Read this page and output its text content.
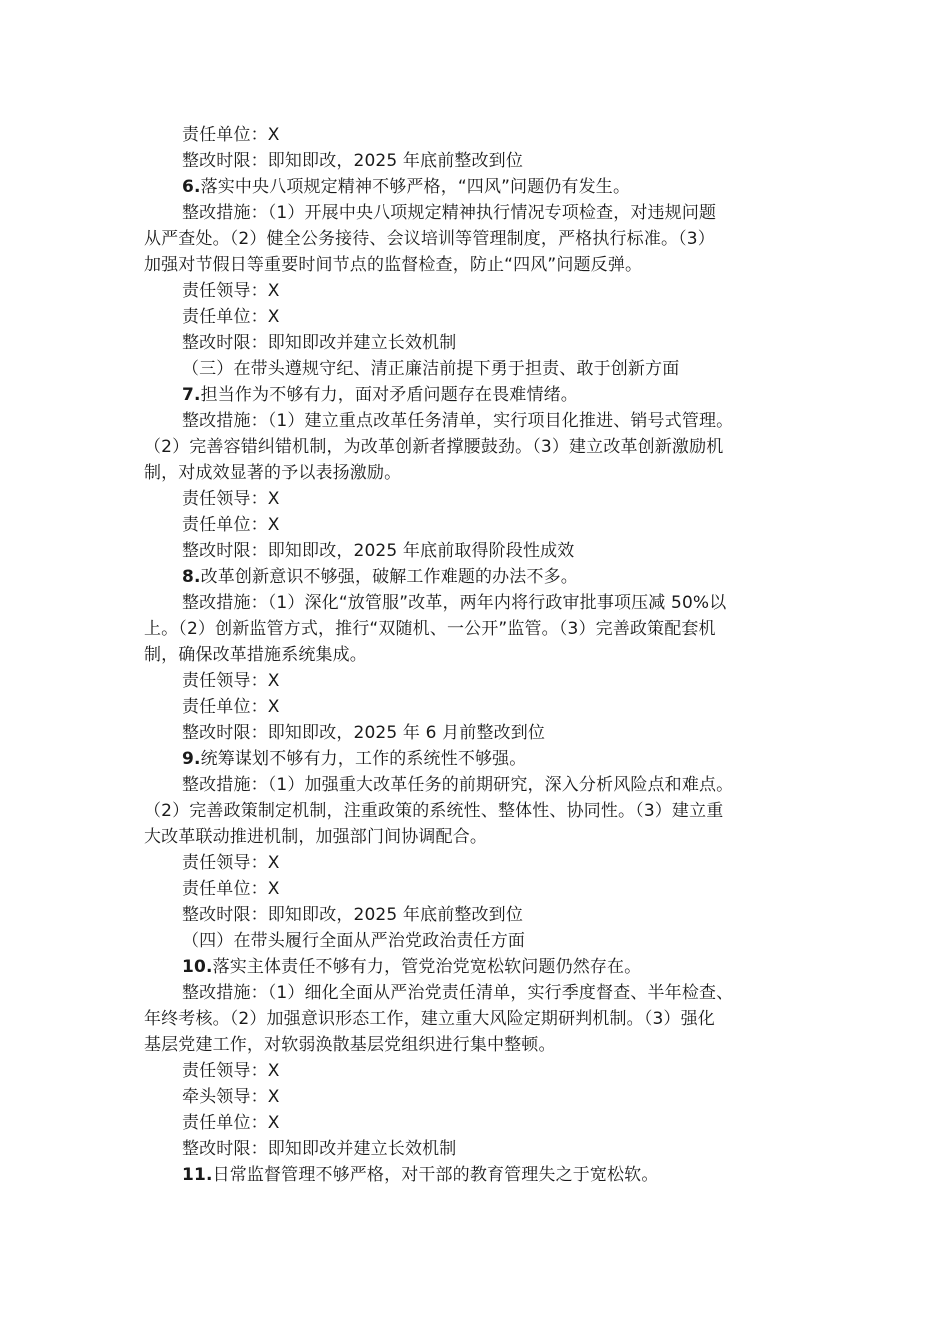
责任单位：X
整改时限：即知即改，2025 年底前整改到位
6.落实中央八项规定精神不够严格，“四风”问题仍有发生。
整改措施：（1）开展中央八项规定精神执行情况专项检查，对违规问题
从严查处。（2）健全公务接待、会议培训等管理制度，严格执行标准。（3）
加强对节假日等重要时间节点的监督检查，防止“四风”问题反弹。
责任领导：X
责任单位：X
整改时限：即知即改并建立长效机制
（三）在带头遵规守纪、清正廉洁前提下勇于担责、敢于创新方面
7.担当作为不够有力，面对矛盾问题存在畏难情绪。
整改措施：（1）建立重点改革任务清单，实行项目化推进、销号式管理。
（2）完善容错纠错机制，为改革创新者撑腰鼓劲。（3）建立改革创新激励机
制，对成效显著的予以表扬激励。
责任领导：X
责任单位：X
整改时限：即知即改，2025 年底前取得阶段性成效
8.改革创新意识不够强，破解工作难题的办法不多。
整改措施：（1）深化“放管服”改革，两年内将行政审批事项压减 50%以
上。（2）创新监管方式，推行“双随机、一公开”监管。（3）完善政策配套机
制，确保改革措施系统集成。
责任领导：X
责任单位：X
整改时限：即知即改，2025 年 6 月前整改到位
9.统筹谋划不够有力，工作的系统性不够强。
整改措施：（1）加强重大改革任务的前期研究，深入分析风险点和难点。
（2）完善政策制定机制，注重政策的系统性、整体性、协同性。（3）建立重
大改革联动推进机制，加强部门间协调配合。
责任领导：X
责任单位：X
整改时限：即知即改，2025 年底前整改到位
（四）在带头履行全面从严治党政治责任方面
10.落实主体责任不够有力，管党治党宽松软问题仍然存在。
整改措施：（1）细化全面从严治党责任清单，实行季度督查、半年检查、
年终考核。（2）加强意识形态工作，建立重大风险定期研判机制。（3）强化
基层党建工作，对软弱涣散基层党组织进行集中整顿。
责任领导：X
牵头领导：X
责任单位：X
整改时限：即知即改并建立长效机制
11.日常监督管理不够严格，对干部的教育管理失之于宽松软。
